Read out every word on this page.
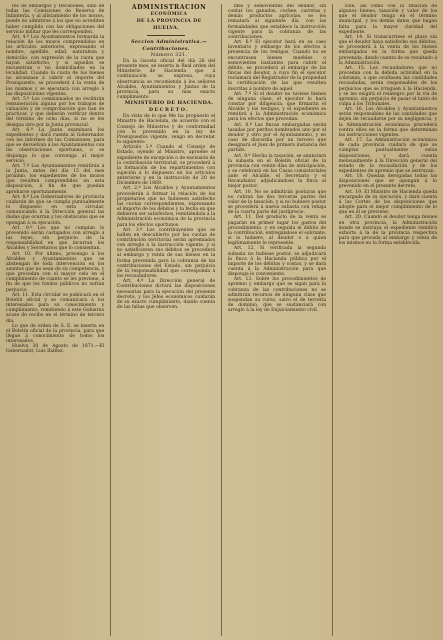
tes de embargos y Decisiones, sino de todas las Comisiones de Reserva de Infantería, y al alistamiento de los mozos, puede no admitirse á los que no acrediten haber cumplido con las obligaciones del servicio militar que les corresponden.

Art. 4.º Los Ayuntamientos formarán la relación de los mozos comprendidos en los artículos anteriores, expresando el nombre, apellido, edad, naturaleza y domicilio, con expresión de la cuota que hayan satisfecho, y si aquellos se encuentran o no domiciliados en la localidad. Cuando la cuota de los bienes no alcanzase á cubrir el importe del Presupuesto, se procederá á la venta de los mismos y se ejecutará con arreglo á las disposiciones vigentes.

Art. 5.º Los comisionados no recibirán remuneración alguna por los trabajos de valuación y de comprobación que han de practicar, y que deberán verificar dentro del término de ocho días, si no se les designa otro por la Junta provincial.

Art. 6.º La Junta examinará los expedientes y dará cuenta al Gobernador con los informes de las Comisiones, para que se devuelvan á los Ayuntamientos con las observaciones oportunas, o se disponga lo que convenga al mejor servicio.

Art. 7.º Los Ayuntamientos remitirán á la Junta, antes del día 15 del mes próximo, los expedientes de los mozos que resulten comprendidos en esta disposición, á fin de que puedan aprobarse oportunamente.

Art. 8.º Los Gobernadores de provincia cuidarán de que se cumpla puntualmente lo dispuesto en esta circular, comunicando á la Dirección general las dudas que ocurran y los obstáculos que se opongan á su ejecución.

Art. 9.º Los que no cumplan lo prevenido serán castigados con arreglo á las leyes, sin perjuicio de la responsabilidad en que incurran los Alcaldes y Secretarios que lo consientan.

Art. 10. Por último, prevengo á los Alcaldes y Ayuntamientos que se abstengan de toda intervención en los asuntos que no sean de su competencia, y que procedan con el mayor celo en el cumplimiento de cuanto se les previene, á fin de que los fondos públicos no sufran perjuicio.

Art. 11. Esta circular se publicará en el Boletín oficial y se comunicará á los interesados para su conocimiento y cumplimiento, remitiendo á este Gobierno acuse de recibo en el término de tercero día.

Lo que de orden de S. E. se inserta en el Boletín oficial de la provincia, para que llegue á conocimiento de todos los interesados.

Huelva 30 de Agosto de 1871.—El Gobernador, Luis Ibáñez.

ADMINISTRACION

ECONÓMICA

DE LA PROVINCIA DE HUELVA.

Seccion Administrativa.—Contribuciones.

Número 321.

En la Gaceta oficial del día 26 del presente mes, se inserta la Real orden del Ministerio de Hacienda que á continuación se expresa, cuya observancia se recomienda á los señores Alcaldes, Ayuntamientos y Juntas de la provincia, para su más exacto cumplimiento.

MINISTERIO DE HACIENDA.

DECRETO.

En vista de lo que Me ha propuesto el Ministro de Hacienda, de acuerdo con el Consejo de Ministros y de conformidad con lo prevenido en la ley de Presupuestos vigente, vengo en decretar lo siguiente:

Artículo 1.º Cuando el Consejo de Estado, oyendo al Ministro, apruebe el expediente de excepción o de exclusión de la contribución territorial, se procederá á la formación de los repartimientos con sujeción á lo dispuesto en los artículos anteriores y en la instrucción de 20 de Diciembre de 1869.

Art. 2.º Los Alcaldes y Ayuntamientos procederán á formar la relación de los propietarios que no hubiesen satisfecho las cuotas correspondientes, expresando el importe de los débitos y la fecha en que debieron ser satisfechos, remitiéndola á la Administración económica de la provincia para los efectos oportunos.

Art. 3.º Los contribuyentes que se hallen en descubierto por las cuotas de contribución territorial serán apremiados con arreglo á la instrucción vigente, y si no satisficieren sus débitos se procederá al embargo y venta de sus bienes en la forma prevenida para la cobranza de las contribuciones del Estado, sin perjuicio de la responsabilidad que corresponda á los recaudadores.

Art. 4.º La Dirección general de Contribuciones dictará las disposiciones necesarias para la ejecución del presente decreto, y los Jefes económicos cuidarán de su exacto cumplimiento, dando cuenta de las faltas que observen.

bles y semovientes del deudor, sin contar los ganados, coches, carretas y demás productos agrícolas, se les rematará al siguiente día, con las formalidades que establece la instrucción vigente para la cobranza de las contribuciones.

Art. 6.º El ejecutor hará en su caso inventario y embargo de los efectos á presencia de los testigos. Cuando no se encontrasen bienes muebles o semovientes bastantes para cubrir el débito, se procederá al embargo de las fincas del deudor, á cuyo fin el ejecutor reclamará del Registrador de la propiedad la certificación de las que resulten inscritas á nombre de aquel.

Art. 7.º Si el deudor no tuviese bienes de ninguna clase, el ejecutor lo hará constar por diligencia, que firmarán el Alcalde y los testigos, y el expediente se remitirá á la Administración económica para los efectos que procedan.

Art. 8.º Las fincas embargadas serán tasadas por peritos nombrados uno por el deudor y otro por el Ayuntamiento, y en caso de discordia por un tercero que designará el Juez de primera instancia del partido.

Art. 9.º Hecha la tasación, se anunciará la subasta en el Boletín oficial de la provincia con veinte días de anticipación, y se celebrará en las Casas consistoriales ante el Alcalde, el Secretario y el Recaudador, adjudicándose la finca al mejor postor.

Art. 10. No se admitirán posturas que no cubran las dos terceras partes del valor de la tasación, y si no hubiere postor se procederá á nueva subasta con rebaja de la cuarta parte del justiprecio.

Art. 11. Del producto de la venta se pagarán en primer lugar los gastos del procedimiento, y en seguida el débito de la contribución, entregándose el sobrante, si lo hubiere, al deudor o á quien legítimamente le represente.

Art. 12. Si verificada la segunda subasta no hubiese postor, se adjudicará la finca á la Hacienda pública por el importe de los débitos y costas, y se dará cuenta á la Administración para que disponga lo conveniente.

Art. 13. Sobre los procedimientos de apremio y embargo que se sigan para la cobranza de las contribuciones no se admitirán recursos de ninguna clase que suspendan su curso, salvo el de tercería de dominio, que se sustanciará con arreglo á la ley de Enjuiciamiento civil.

clon, así como con la relación de algunos bienes, tasación y valor de los que el deudor tenga en el término municipal, y los demás datos que hagan falta para la mayor claridad del expediente.

Art. 14. Si transcurriese el plazo sin que el deudor haya satisfecho sus débitos, se procederá á la venta de los bienes embargados en la forma que queda prevenida, dando cuenta de su resultado á la Administración.

Art. 15. Los recaudadores que no procedan con la debida actividad en la cobranza, o que ocultasen las cantidades recaudadas, serán responsables de los perjuicios que se irroguen á la Hacienda, y se les exigirá el reintegro por la vía de apremio, sin perjuicio de pasar el tanto de culpa á los Tribunales.

Art. 16. Los Alcaldes y Ayuntamientos serán responsables de las cantidades que dejen de recaudarse por su negligencia, y la Administración económica procederá contra ellos en la forma que determinan las instrucciones vigentes.

Art. 17. La Administración económica de cada provincia cuidará de que se cumplan puntualmente estas disposiciones, y dará cuenta mensualmente á la Dirección general del estado de la recaudación y de los expedientes de apremio que se instruyan.

Art. 18. Quedan derogadas todas las disposiciones que se opongan á lo prevenido en el presente decreto.

Art. 19. El Ministro de Hacienda queda encargado de su ejecución, y dará cuenta á las Cortes de las disposiciones que adopte para el mejor cumplimiento de lo que en él se previene.

Art. 20. Cuando el deudor tenga bienes en otra provincia, la Administración donde se instruya el expediente remitirá exhorto á la de la provincia respectiva para que proceda al embargo y venta de los mismos en la forma establecida.
